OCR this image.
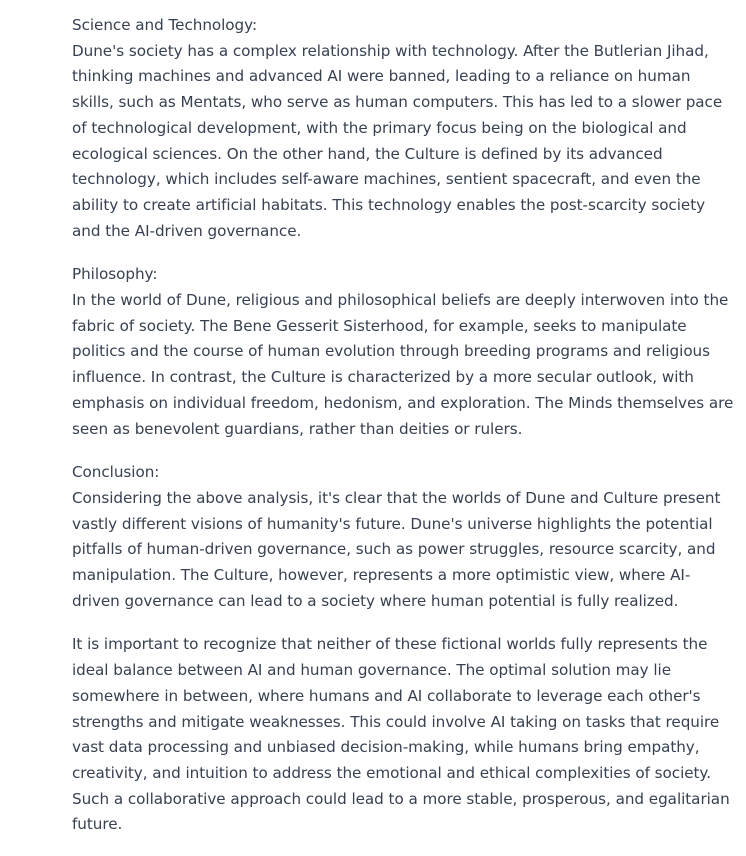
Science and Technology:
Dune's society has a complex relationship with technology. After the Butlerian Jihad, thinking machines and advanced AI were banned, leading to a reliance on human skills, such as Mentats, who serve as human computers. This has led to a slower pace of technological development, with the primary focus being on the biological and ecological sciences. On the other hand, the Culture is defined by its advanced technology, which includes self-aware machines, sentient spacecraft, and even the ability to create artificial habitats. This technology enables the post-scarcity society and the AI-driven governance.
Philosophy:
In the world of Dune, religious and philosophical beliefs are deeply interwoven into the fabric of society. The Bene Gesserit Sisterhood, for example, seeks to manipulate politics and the course of human evolution through breeding programs and religious influence. In contrast, the Culture is characterized by a more secular outlook, with emphasis on individual freedom, hedonism, and exploration. The Minds themselves are seen as benevolent guardians, rather than deities or rulers.
Conclusion:
Considering the above analysis, it's clear that the worlds of Dune and Culture present vastly different visions of humanity's future. Dune's universe highlights the potential pitfalls of human-driven governance, such as power struggles, resource scarcity, and manipulation. The Culture, however, represents a more optimistic view, where AI-driven governance can lead to a society where human potential is fully realized.
It is important to recognize that neither of these fictional worlds fully represents the ideal balance between AI and human governance. The optimal solution may lie somewhere in between, where humans and AI collaborate to leverage each other's strengths and mitigate weaknesses. This could involve AI taking on tasks that require vast data processing and unbiased decision-making, while humans bring empathy, creativity, and intuition to address the emotional and ethical complexities of society. Such a collaborative approach could lead to a more stable, prosperous, and egalitarian future.
